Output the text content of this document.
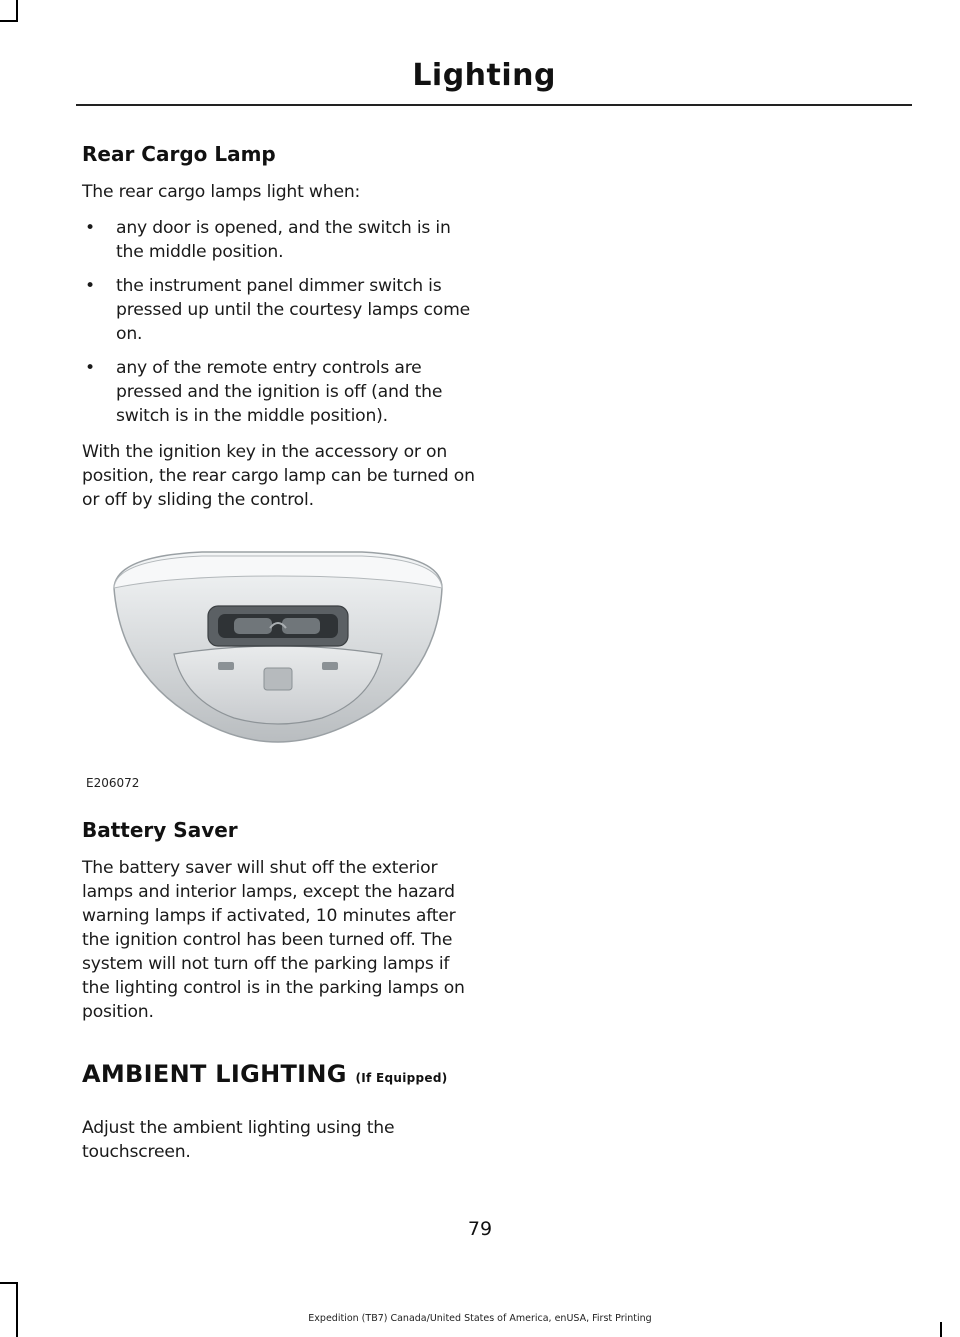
Lighting
Rear Cargo Lamp

The rear cargo lamps light when:

• any door is opened, and the switch is in the middle position.
• the instrument panel dimmer switch is pressed up until the courtesy lamps come on.
• any of the remote entry controls are pressed and the ignition is off (and the switch is in the middle position).

With the ignition key in the accessory or on position, the rear cargo lamp can be turned on or off by sliding the control.

E206072
Battery Saver

The battery saver will shut off the exterior lamps and interior lamps, except the hazard warning lamps if activated, 10 minutes after the ignition control has been turned off. The system will not turn off the parking lamps if the lighting control is in the parking lamps on position.

AMBIENT LIGHTING (If Equipped)

Adjust the ambient lighting using the touchscreen.

79
Expedition (TB7) Canada/United States of America, enUSA, First Printing
